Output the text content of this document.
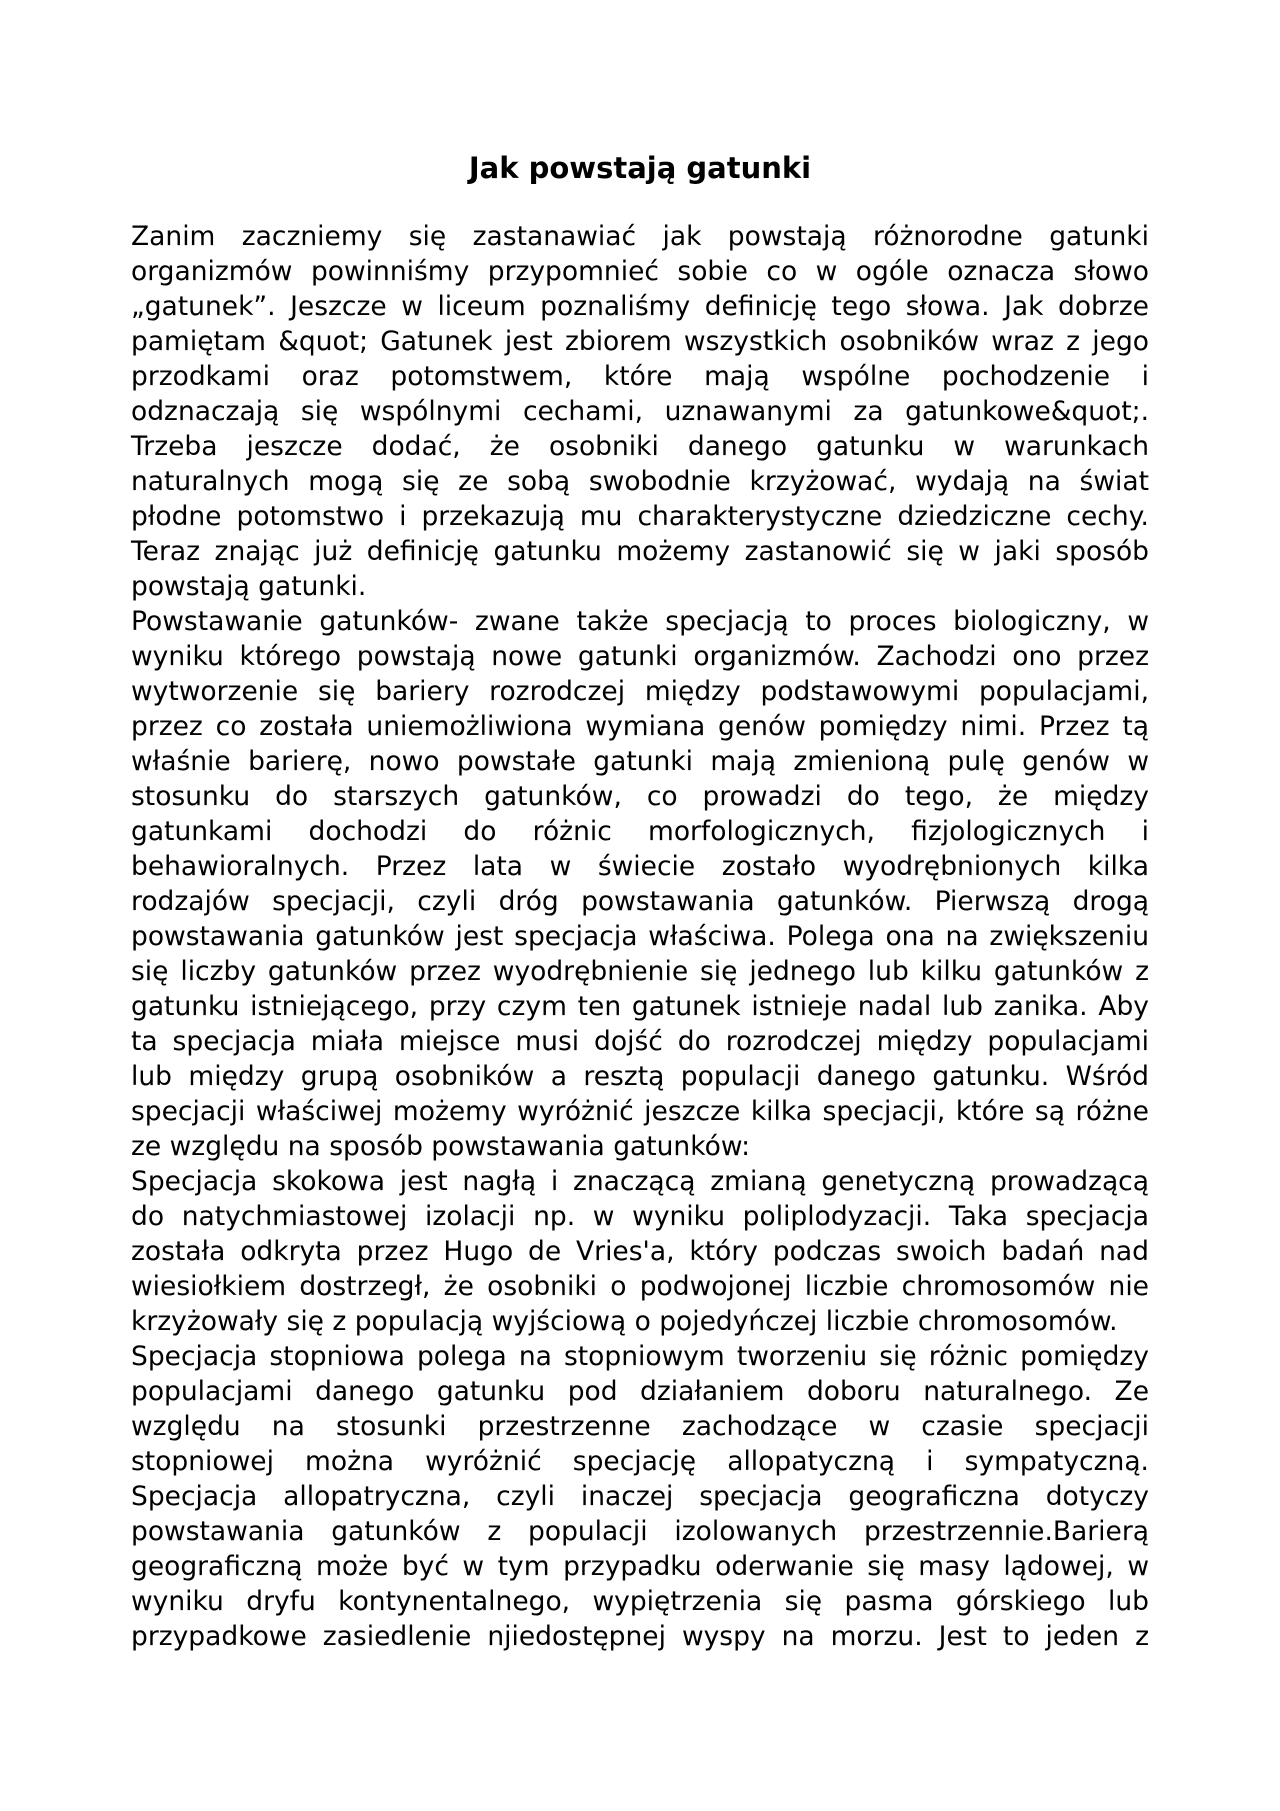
Jak powstają gatunki
Zanim zaczniemy się zastanawiać jak powstają różnorodne gatunki
organizmów powinniśmy przypomnieć sobie co w ogóle oznacza słowo
„gatunek”. Jeszcze w liceum poznaliśmy definicję tego słowa. Jak dobrze
pamiętam &quot; Gatunek jest zbiorem wszystkich osobników wraz z jego
przodkami oraz potomstwem, które mają wspólne pochodzenie i
odznaczają się wspólnymi cechami, uznawanymi za gatunkowe&quot;.
Trzeba jeszcze dodać, że osobniki danego gatunku w warunkach
naturalnych mogą się ze sobą swobodnie krzyżować, wydają na świat
płodne potomstwo i przekazują mu charakterystyczne dziedziczne cechy.
Teraz znając już definicję gatunku możemy zastanowić się w jaki sposób
powstają gatunki.
Powstawanie gatunków- zwane także specjacją to proces biologiczny, w
wyniku którego powstają nowe gatunki organizmów. Zachodzi ono przez
wytworzenie się bariery rozrodczej między podstawowymi populacjami,
przez co została uniemożliwiona wymiana genów pomiędzy nimi. Przez tą
właśnie barierę, nowo powstałe gatunki mają zmienioną pulę genów w
stosunku do starszych gatunków, co prowadzi do tego, że między
gatunkami dochodzi do różnic morfologicznych, fizjologicznych i
behawioralnych. Przez lata w świecie zostało wyodrębnionych kilka
rodzajów specjacji, czyli dróg powstawania gatunków. Pierwszą drogą
powstawania gatunków jest specjacja właściwa. Polega ona na zwiększeniu
się liczby gatunków przez wyodrębnienie się jednego lub kilku gatunków z
gatunku istniejącego, przy czym ten gatunek istnieje nadal lub zanika. Aby
ta specjacja miała miejsce musi dojść do rozrodczej między populacjami
lub między grupą osobników a resztą populacji danego gatunku. Wśród
specjacji właściwej możemy wyróżnić jeszcze kilka specjacji, które są różne
ze względu na sposób powstawania gatunków:
Specjacja skokowa jest nagłą i znaczącą zmianą genetyczną prowadzącą
do natychmiastowej izolacji np. w wyniku poliplodyzacji. Taka specjacja
została odkryta przez Hugo de Vries'a, który podczas swoich badań nad
wiesiołkiem dostrzegł, że osobniki o podwojonej liczbie chromosomów nie
krzyżowały się z populacją wyjściową o pojedyńczej liczbie chromosomów.
Specjacja stopniowa polega na stopniowym tworzeniu się różnic pomiędzy
populacjami danego gatunku pod działaniem doboru naturalnego. Ze
względu na stosunki przestrzenne zachodzące w czasie specjacji
stopniowej można wyróżnić specjację allopatyczną i sympatyczną.
Specjacja allopatryczna, czyli inaczej specjacja geograficzna dotyczy
powstawania gatunków z populacji izolowanych przestrzennie.Barierą
geograficzną może być w tym przypadku oderwanie się masy lądowej, w
wyniku dryfu kontynentalnego, wypiętrzenia się pasma górskiego lub
przypadkowe zasiedlenie njiedostępnej wyspy na morzu. Jest to jeden z
